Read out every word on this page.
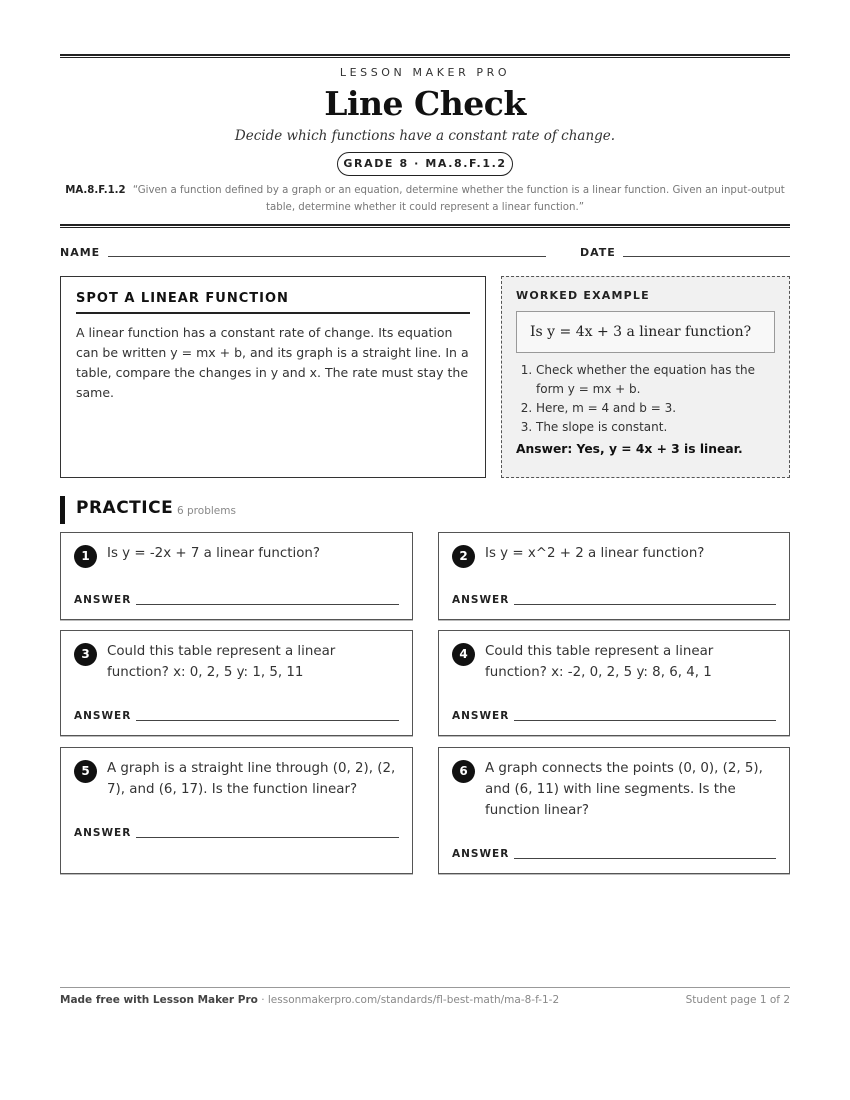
LESSON MAKER PRO
Line Check
Decide which functions have a constant rate of change.
GRADE 8 · MA.8.F.1.2
MA.8.F.1.2 “Given a function defined by a graph or an equation, determine whether the function is a linear function. Given an input-output table, determine whether it could represent a linear function.”
NAME	DATE
SPOT A LINEAR FUNCTION
A linear function has a constant rate of change. Its equation can be written y = mx + b, and its graph is a straight line. In a table, compare the changes in y and x. The rate must stay the same.
WORKED EXAMPLE
Is y = 4x + 3 a linear function?
1. Check whether the equation has the form y = mx + b.
2. Here, m = 4 and b = 3.
3. The slope is constant.
Answer: Yes, y = 4x + 3 is linear.
PRACTICE 6 problems
1	Is y = -2x + 7 a linear function?
ANSWER
2	Is y = x^2 + 2 a linear function?
ANSWER
3	Could this table represent a linear function? x: 0, 2, 5 y: 1, 5, 11
ANSWER
4	Could this table represent a linear function? x: -2, 0, 2, 5 y: 8, 6, 4, 1
ANSWER
5	A graph is a straight line through (0, 2), (2, 7), and (6, 17). Is the function linear?
ANSWER
6	A graph connects the points (0, 0), (2, 5), and (6, 11) with line segments. Is the function linear?
ANSWER
Made free with Lesson Maker Pro · lessonmakerpro.com/standards/fl-best-math/ma-8-f-1-2	Student page 1 of 2
